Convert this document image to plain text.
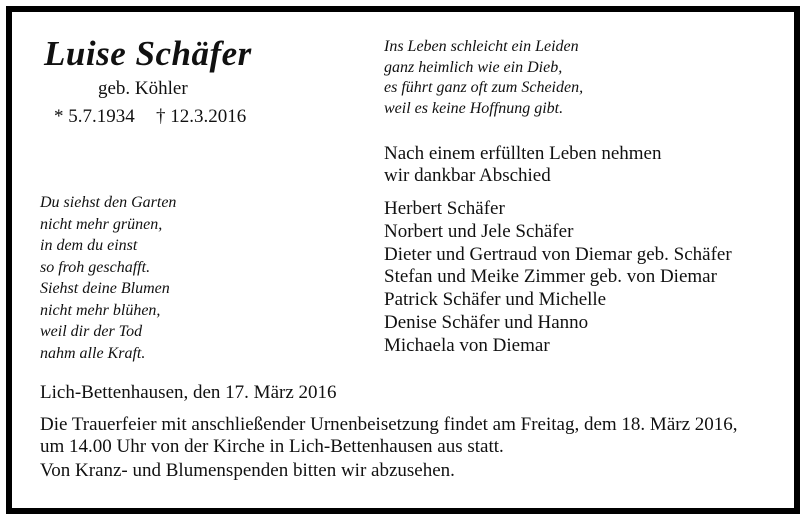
Luise Schäfer
geb. Köhler
* 5.7.1934 † 12.3.2016
Ins Leben schleicht ein Leiden
ganz heimlich wie ein Dieb,
es führt ganz oft zum Scheiden,
weil es keine Hoffnung gibt.
Nach einem erfüllten Leben nehmen
wir dankbar Abschied
Du siehst den Garten
nicht mehr grünen,
in dem du einst
so froh geschafft.
Siehst deine Blumen
nicht mehr blühen,
weil dir der Tod
nahm alle Kraft.
Herbert Schäfer
Norbert und Jele Schäfer
Dieter und Gertraud von Diemar geb. Schäfer
Stefan und Meike Zimmer geb. von Diemar
Patrick Schäfer und Michelle
Denise Schäfer und Hanno
Michaela von Diemar
Lich-Bettenhausen, den 17. März 2016
Die Trauerfeier mit anschließender Urnenbeisetzung findet am Freitag, dem 18. März 2016,
um 14.00 Uhr von der Kirche in Lich-Bettenhausen aus statt.
Von Kranz- und Blumenspenden bitten wir abzusehen.
